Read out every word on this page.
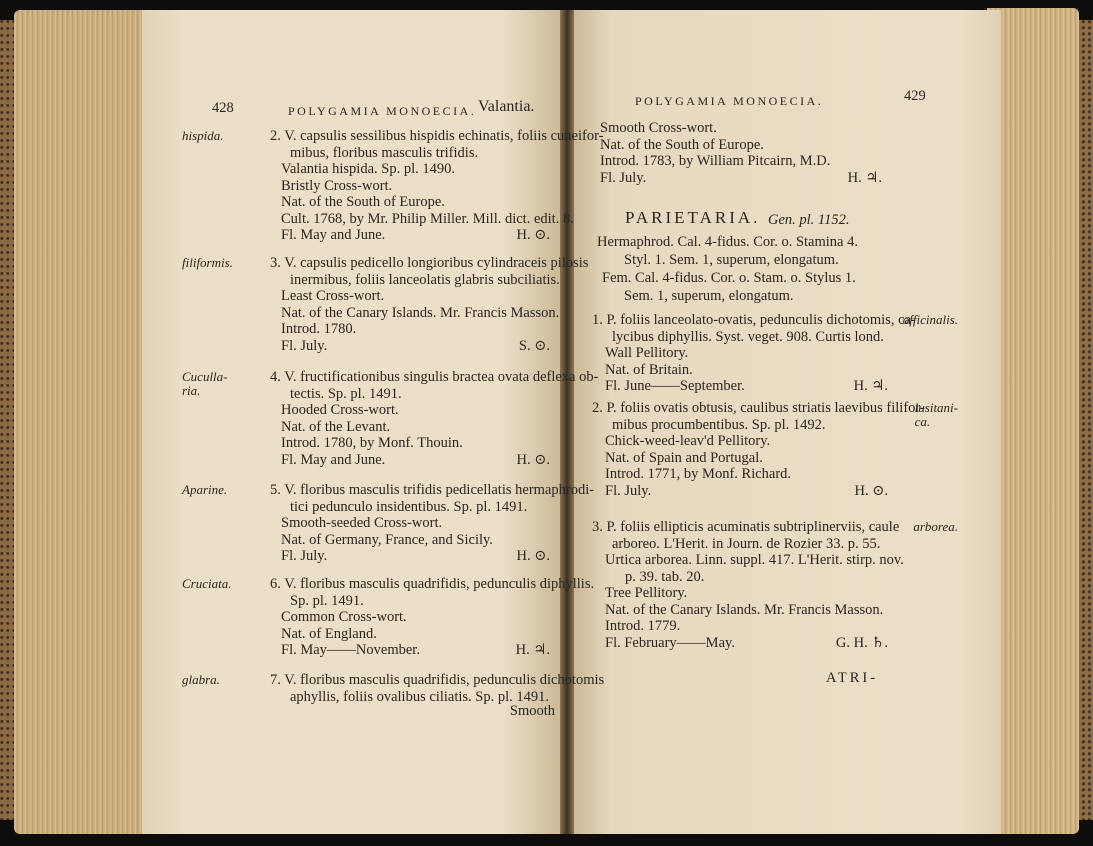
428	POLYGAMIA MONOECIA. Valantia.
hispida.	2. V. capsulis sessilibus hispidis echinatis, foliis cuneifor-
mibus, floribus masculis trifidis.
Valantia hispida. Sp. pl. 1490.
Bristly Cross-wort.
Nat. of the South of Europe.
Cult. 1768, by Mr. Philip Miller. Mill. dict. edit. 8.
Fl. May and June.	H. ⊙.
filiformis.	3. V. capsulis pedicello longioribus cylindraceis pilosis
inermibus, foliis lanceolatis glabris subciliatis.
Least Cross-wort.
Nat. of the Canary Islands. Mr. Francis Masson.
Introd. 1780.
Fl. July.	S. ⊙.
Cuculla-
ria.
4. V. fructificationibus singulis bractea ovata deflexa ob-
tectis. Sp. pl. 1491.
Hooded Cross-wort.
Nat. of the Levant.
Introd. 1780, by Monf. Thouin.
Fl. May and June.	H. ⊙.
Aparine.	5. V. floribus masculis trifidis pedicellatis hermaphrodi-
tici pedunculo insidentibus. Sp. pl. 1491.
Smooth-seeded Cross-wort.
Nat. of Germany, France, and Sicily.
Fl. July.	H. ⊙.
Cruciata.	6. V. floribus masculis quadrifidis, pedunculis diphyllis.
Sp. pl. 1491.
Common Cross-wort.
Nat. of England.
Fl. May——November.	H. ♃.
glabra.	7. V. floribus masculis quadrifidis, pedunculis dichotomis
aphyllis, foliis ovalibus ciliatis. Sp. pl. 1491.
Smooth
POLYGAMIA MONOECIA.	429
PARIETARIA. Gen. pl. 1152.
Smooth Cross-wort.
Nat. of the South of Europe.
Introd. 1783, by William Pitcairn, M.D.
Fl. July.	H. ♃.
Hermaphrod. Cal. 4-fidus. Cor. o. Stamina 4.
Styl. 1. Sem. 1, superum, elongatum.
Fem. Cal. 4-fidus. Cor. o. Stam. o. Stylus 1.
Sem. 1, superum, elongatum.
officinalis.
1. P. foliis lanceolato-ovatis, pedunculis dichotomis, ca-
lycibus diphyllis. Syst. veget. 908. Curtis lond.
Wall Pellitory.
Nat. of Britain.
Fl. June——September.	H. ♃.
lusitani-
ca.
2. P. foliis ovatis obtusis, caulibus striatis laevibus filifor-
mibus procumbentibus. Sp. pl. 1492.
Chick-weed-leav'd Pellitory.
Nat. of Spain and Portugal.
Introd. 1771, by Monf. Richard.
Fl. July.	H. ⊙.
arborea.
3. P. foliis ellipticis acuminatis subtriplinerviis, caule
arboreo. L'Herit. in Journ. de Rozier 33. p. 55.
Urtica arborea. Linn. suppl. 417. L'Herit. stirp. nov.
p. 39. tab. 20.
Tree Pellitory.
Nat. of the Canary Islands. Mr. Francis Masson.
Introd. 1779.
Fl. February——May.	G. H. ♄.
ATRI-
